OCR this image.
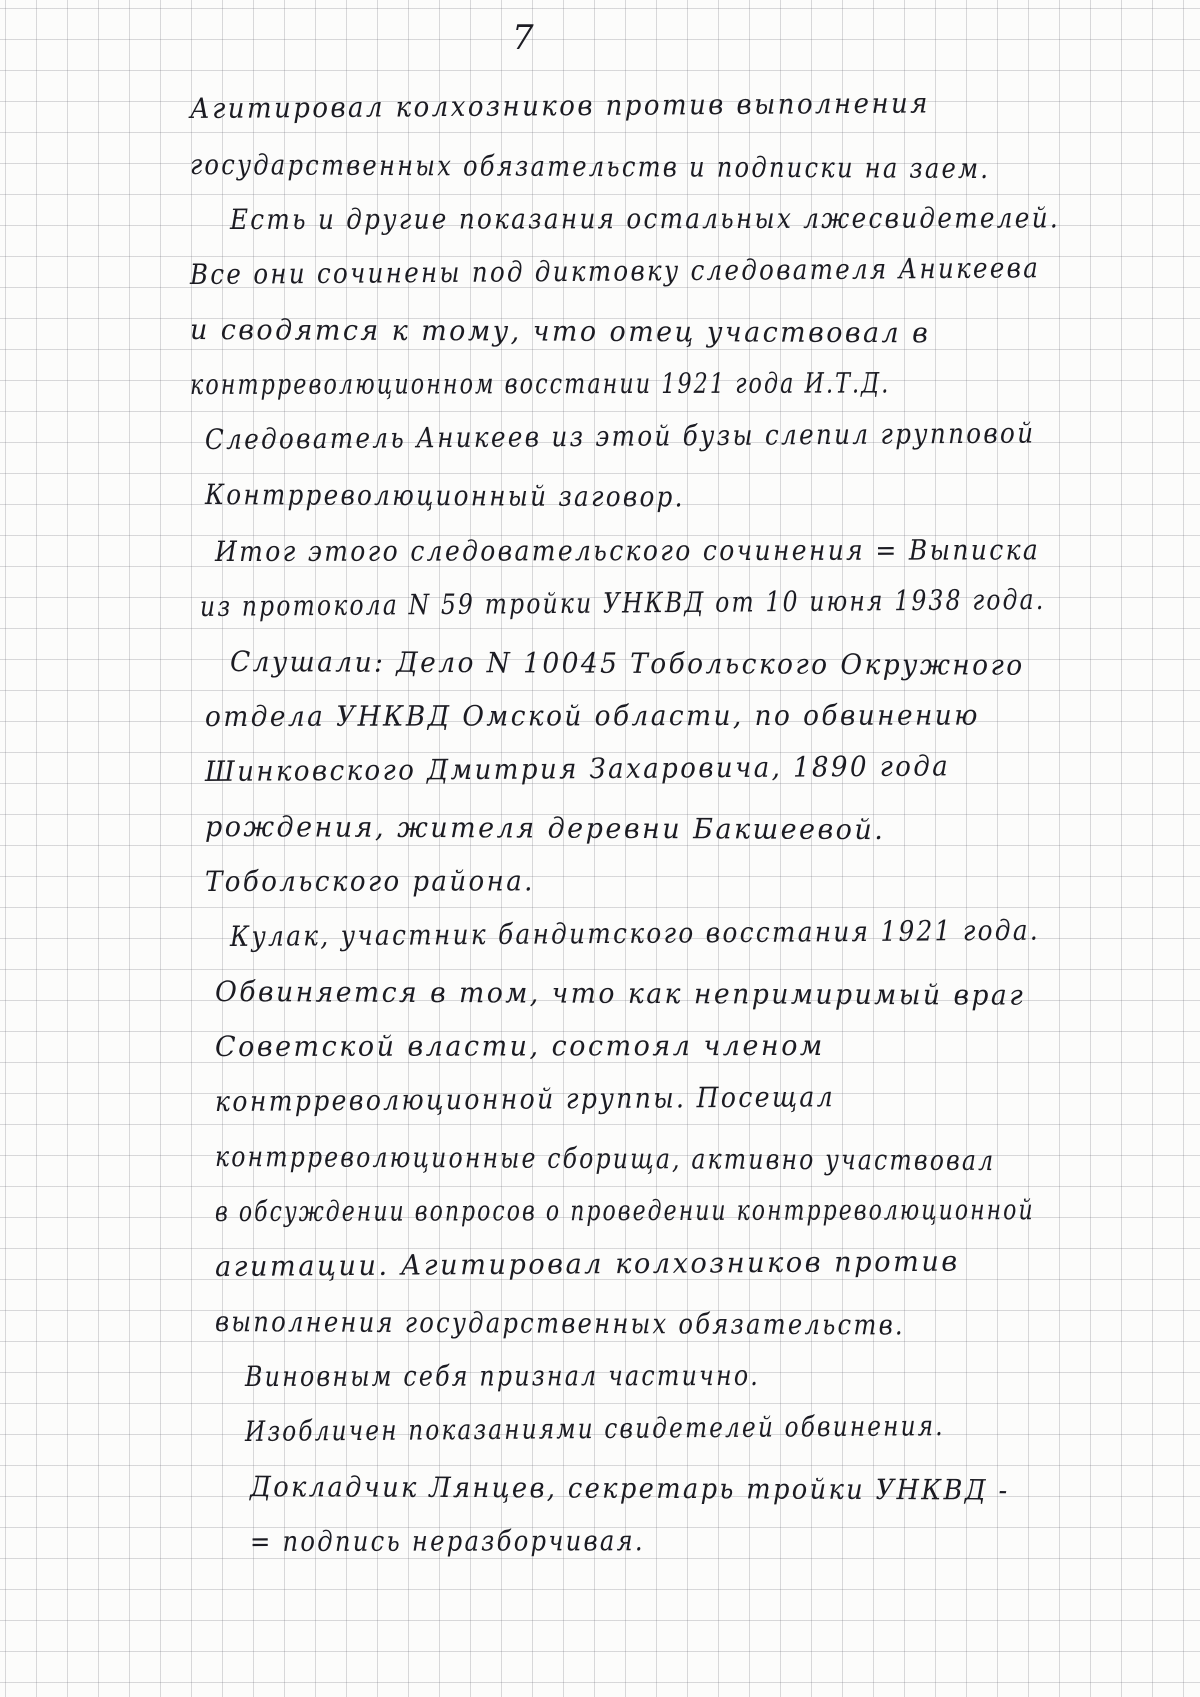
7
Агитировал колхозников против выполнения
государственных обязательств и подписки на заем.
Есть и другие показания остальных лжесвидетелей.
Все они сочинены под диктовку следователя Аникеева
и сводятся к тому, что отец участвовал в
контрреволюционном восстании 1921 года И.Т.Д.
Следователь Аникеев из этой бузы слепил групповой
Контрреволюционный заговор.
Итог этого следовательского сочинения = Выписка
из протокола N 59 тройки УНКВД от 10 июня 1938 года.
Слушали: Дело N 10045 Тобольского Окружного
отдела УНКВД Омской области, по обвинению
Шинковского Дмитрия Захаровича, 1890 года
рождения, жителя деревни Бакшеевой.
Тобольского района.
Кулак, участник бандитского восстания 1921 года.
Обвиняется в том, что как непримиримый враг
Советской власти, состоял членом
контрреволюционной группы. Посещал
контрреволюционные сборища, активно участвовал
в обсуждении вопросов о проведении контрреволюционной
агитации. Агитировал колхозников против
выполнения государственных обязательств.
Виновным себя признал частично.
Изобличен показаниями свидетелей обвинения.
Докладчик Лянцев, секретарь тройки УНКВД -
= подпись неразборчивая.
